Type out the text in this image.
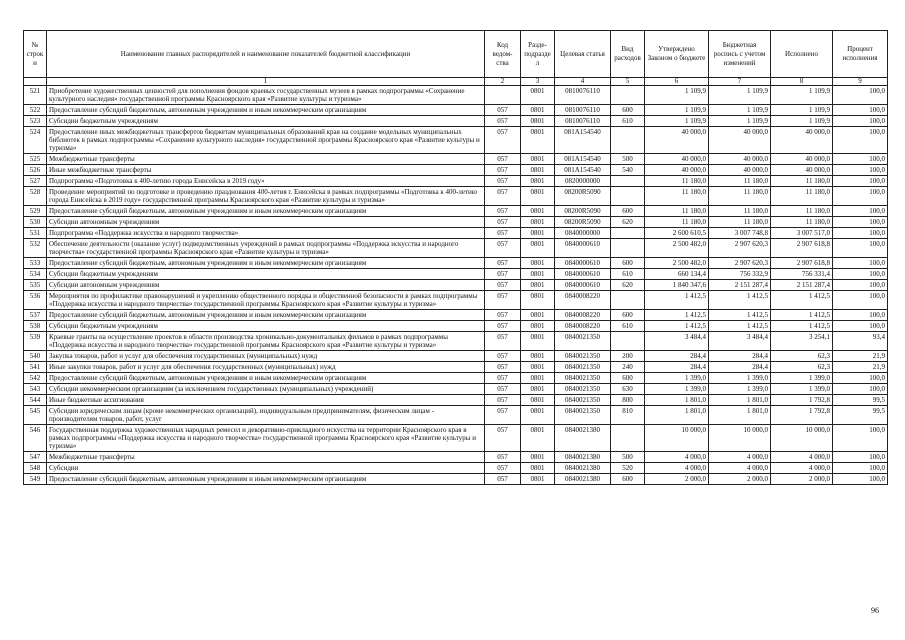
№ строки	Наименование главных распорядителей и наименование показателей бюджетной классификации	Код ведом-ства	Разде-подраздел	Целевая статья	Вид расходов	Утверждено Законом о бюджете	Бюджетная роспись с учетом изменений	Исполнено	Процент исполнения
	1	2	3	4	5	6	7	8	9
521	Приобретение художественных ценностей для пополнения фондов краевых государственных музеев в рамках подпрограммы «Сохранение культурного наследия» государственной программы Красноярского края «Развитие культуры и туризма»		0801	0810076110		1 109,9	1 109,9	1 109,9	100,0
522	Предоставление субсидий бюджетным, автономным учреждениям и иным некоммерческим организациям	057	0801	0810076110	600	1 109,9	1 109,9	1 109,9	100,0
523	Субсидии бюджетным учреждениям	057	0801	0810076110	610	1 109,9	1 109,9	1 109,9	100,0
524	Предоставление иных межбюджетных трансфертов бюджетам муниципальных образований края на создание модельных муниципальных библиотек в рамках подпрограммы «Сохранение культурного наследия» государственной программы Красноярского края «Развитие культуры и туризма»	057	0801	081A154540		40 000,0	40 000,0	40 000,0	100,0
525	Межбюджетные трансферты	057	0801	081A154540	500	40 000,0	40 000,0	40 000,0	100,0
526	Иные межбюджетные трансферты	057	0801	081A154540	540	40 000,0	40 000,0	40 000,0	100,0
527	Подпрограмма «Подготовка к 400-летию города Енисейска в 2019 году»	057	0801	0820000000		11 180,0	11 180,0	11 180,0	100,0
528	Проведение мероприятий по подготовке и проведению празднования 400-летия г. Енисейска в рамках подпрограммы «Подготовка к 400-летию города Енисейска в 2019 году» государственной программы Красноярского края «Развитие культуры и туризма»	057	0801	08200R5090		11 180,0	11 180,0	11 180,0	100,0
529	Предоставление субсидий бюджетным, автономным учреждениям и иным некоммерческим организациям	057	0801	08200R5090	600	11 180,0	11 180,0	11 180,0	100,0
530	Субсидии автономным учреждениям	057	0801	08200R5090	620	11 180,0	11 180,0	11 180,0	100,0
531	Подпрограмма «Поддержка искусства и народного творчества»	057	0801	0840000000		2 600 610,5	3 007 748,8	3 007 517,0	100,0
532	Обеспечение деятельности (оказание услуг) подведомственных учреждений в рамках подпрограммы «Поддержка искусства и народного творчества» государственной программы Красноярского края «Развитие культуры и туризма»	057	0801	0840000610		2 500 482,0	2 907 620,3	2 907 618,8	100,0
533	Предоставление субсидий бюджетным, автономным учреждениям и иным некоммерческим организациям	057	0801	0840000610	600	2 500 482,0	2 907 620,3	2 907 618,8	100,0
534	Субсидии бюджетным учреждениям	057	0801	0840000610	610	660 134,4	756 332,9	756 331,4	100,0
535	Субсидии автономным учреждениям	057	0801	0840000610	620	1 840 347,6	2 151 287,4	2 151 287,4	100,0
536	Мероприятия по профилактике правонарушений и укреплению общественного порядка и общественной безопасности в рамках подпрограммы «Поддержка искусства и народного творчества» государственной программы Красноярского края «Развитие культуры и туризма»	057	0801	0840008220		1 412,5	1 412,5	1 412,5	100,0
537	Предоставление субсидий бюджетным, автономным учреждениям и иным некоммерческим организациям	057	0801	0840008220	600	1 412,5	1 412,5	1 412,5	100,0
538	Субсидии бюджетным учреждениям	057	0801	0840008220	610	1 412,5	1 412,5	1 412,5	100,0
539	Краевые гранты на осуществление проектов в области производства хроникально-документальных фильмов в рамках подпрограммы «Поддержка искусства и народного творчества» государственной программы Красноярского края «Развитие культуры и туризма»	057	0801	0840021350		3 484,4	3 484,4	3 254,1	93,4
540	Закупка товаров, работ и услуг для обеспечения государственных (муниципальных) нужд	057	0801	0840021350	200	284,4	284,4	62,3	21,9
541	Иные закупки товаров, работ и услуг для обеспечения государственных (муниципальных) нужд	057	0801	0840021350	240	284,4	284,4	62,3	21,9
542	Предоставление субсидий бюджетным, автономным учреждениям и иным некоммерческим организациям	057	0801	0840021350	600	1 399,0	1 399,0	1 399,0	100,0
543	Субсидии некоммерческим организациям (за исключением государственных (муниципальных) учреждений)	057	0801	0840021350	630	1 399,0	1 399,0	1 399,0	100,0
544	Иные бюджетные ассигнования	057	0801	0840021350	800	1 801,0	1 801,0	1 792,8	99,5
545	Субсидии юридическим лицам (кроме некоммерческих организаций), индивидуальным предпринимателям, физическим лицам - производителям товаров, работ, услуг	057	0801	0840021350	810	1 801,0	1 801,0	1 792,8	99,5
546	Государственная поддержка художественных народных ремесел и декоративно-прикладного искусства на территории Красноярского края в рамках подпрограммы «Поддержка искусства и народного творчества» государственной программы Красноярского края «Развитие культуры и туризма»	057	0801	0840021380		10 000,0	10 000,0	10 000,0	100,0
547	Межбюджетные трансферты	057	0801	0840021380	500	4 000,0	4 000,0	4 000,0	100,0
548	Субсидии	057	0801	0840021380	520	4 000,0	4 000,0	4 000,0	100,0
549	Предоставление субсидий бюджетным, автономным учреждениям и иным некоммерческим организациям	057	0801	0840021380	600	2 000,0	2 000,0	2 000,0	100,0
96
